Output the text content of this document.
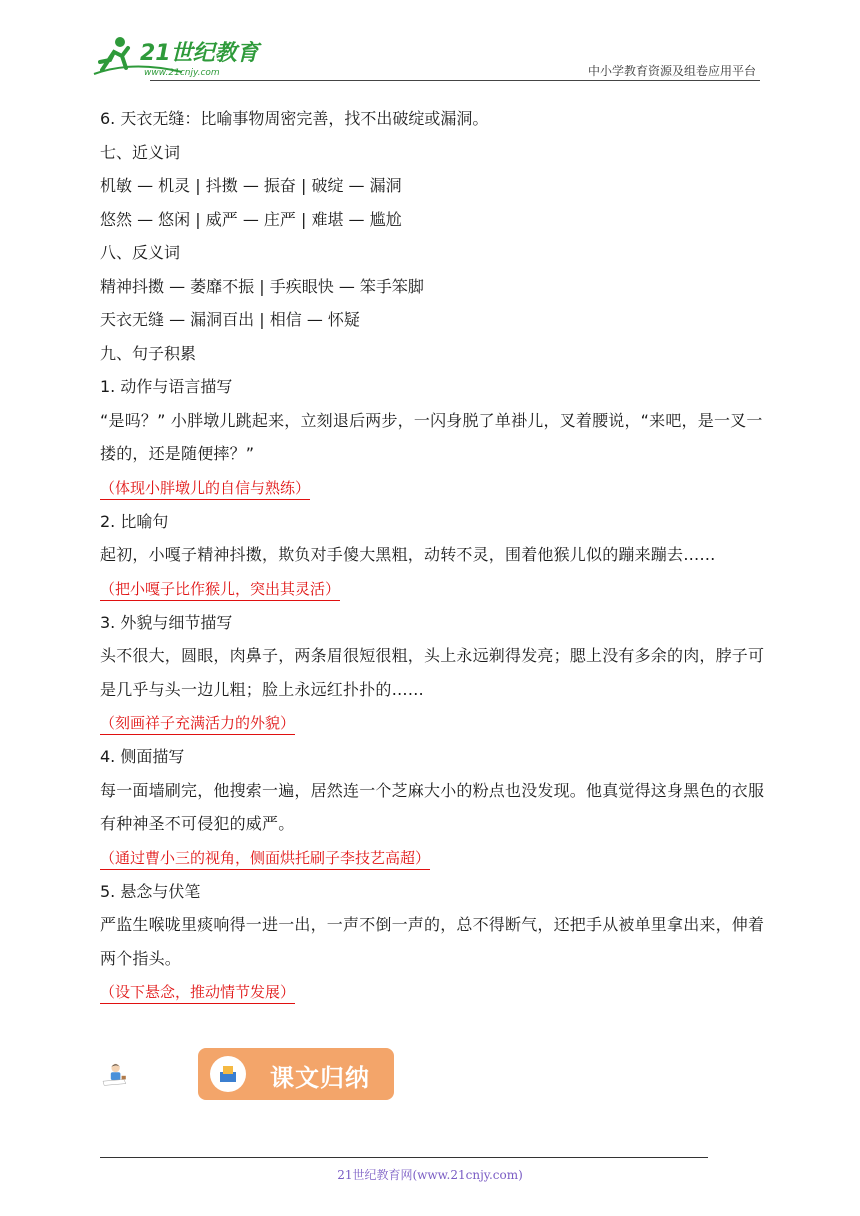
21世纪教育
www.21cnjy.com	中小学教育资源及组卷应用平台
6. 天衣无缝：比喻事物周密完善，找不出破绽或漏洞。
七、近义词
机敏 — 机灵 | 抖擞 — 振奋 | 破绽 — 漏洞
悠然 — 悠闲 | 威严 — 庄严 | 难堪 — 尴尬
八、反义词
精神抖擞 — 萎靡不振 | 手疾眼快 — 笨手笨脚
天衣无缝 — 漏洞百出 | 相信 — 怀疑
九、句子积累
1. 动作与语言描写
“是吗？” 小胖墩儿跳起来，立刻退后两步，一闪身脱了单褂儿，叉着腰说，“来吧，是一叉一搂的，还是随便摔？”
（体现小胖墩儿的自信与熟练）
2. 比喻句
起初，小嘎子精神抖擞，欺负对手傻大黑粗，动转不灵，围着他猴儿似的蹦来蹦去……
（把小嘎子比作猴儿，突出其灵活）
3. 外貌与细节描写
头不很大，圆眼，肉鼻子，两条眉很短很粗，头上永远剃得发亮；腮上没有多余的肉，脖子可是几乎与头一边儿粗；脸上永远红扑扑的……
（刻画祥子充满活力的外貌）
4. 侧面描写
每一面墙刷完，他搜索一遍，居然连一个芝麻大小的粉点也没发现。他真觉得这身黑色的衣服有种神圣不可侵犯的威严。
（通过曹小三的视角，侧面烘托刷子李技艺高超）
5. 悬念与伏笔
严监生喉咙里痰响得一进一出，一声不倒一声的，总不得断气，还把手从被单里拿出来，伸着两个指头。
（设下悬念，推动情节发展）
课文归纳
21世纪教育网(www.21cnjy.com)
